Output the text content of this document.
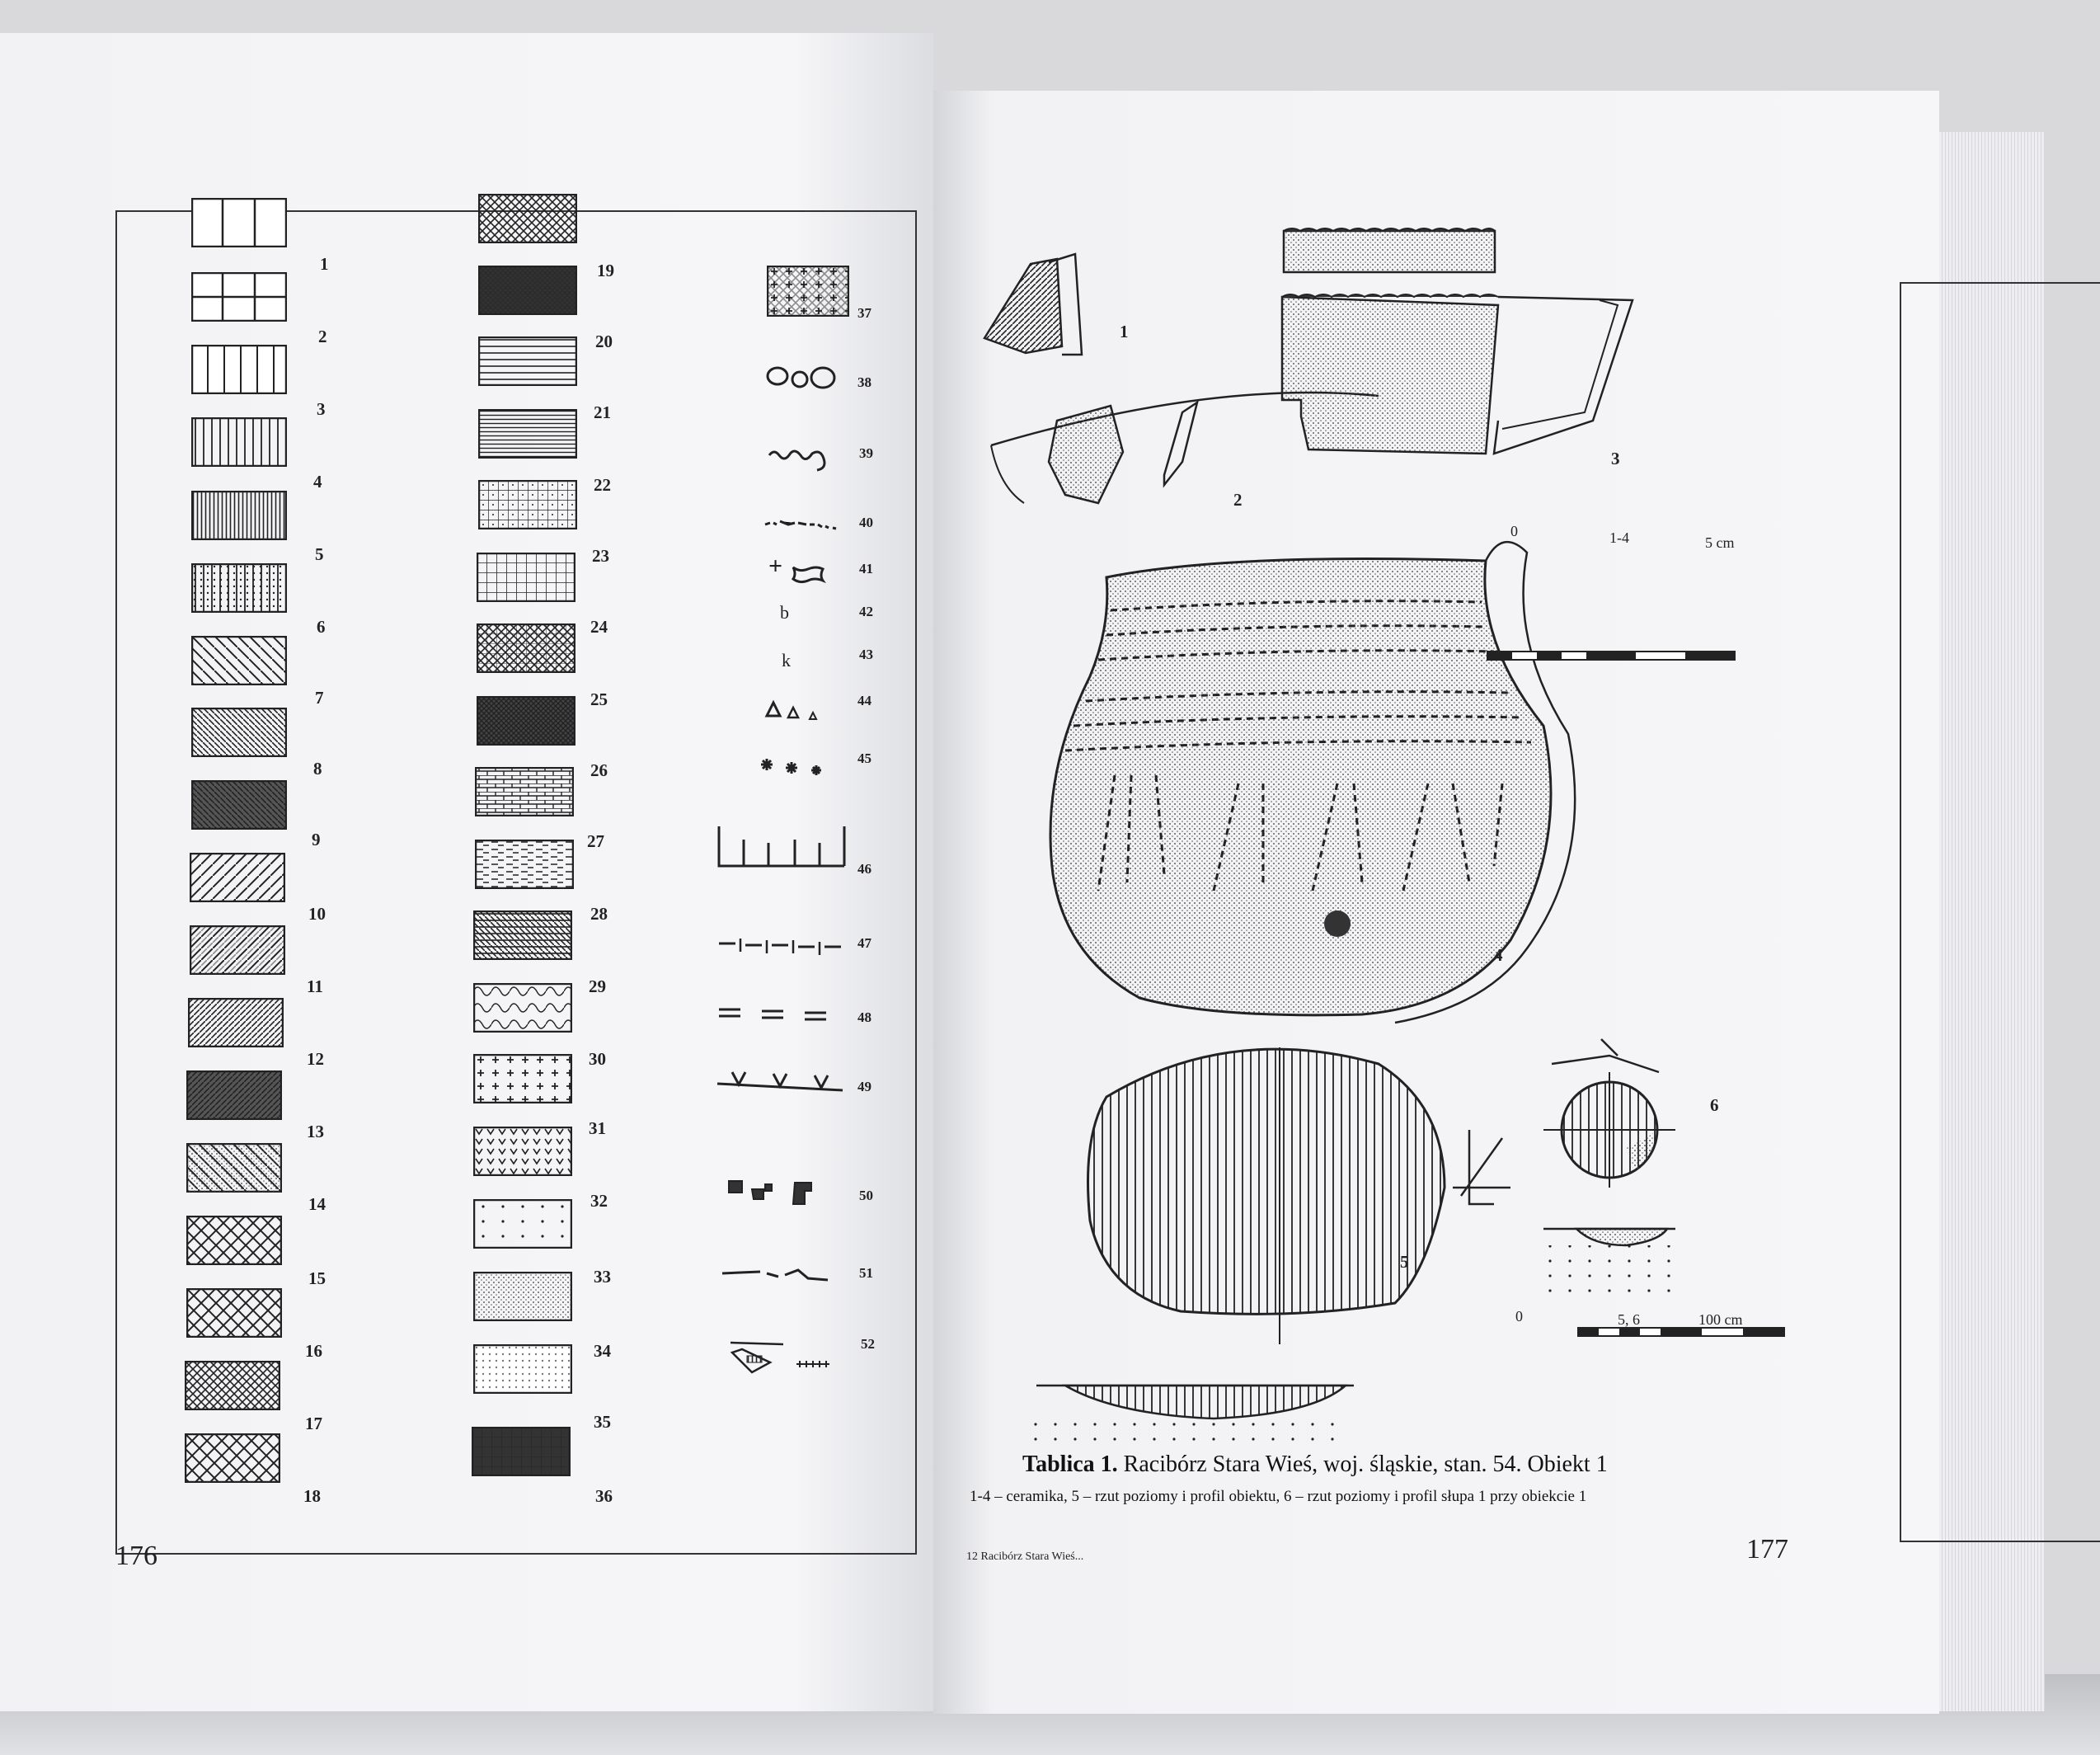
+
b
k
1
2
3
4
5
6
7
8
9
10
11
12
13
14
15
16
17
18
19
20
21
22
23
24
25
26
27
28
29
30
31
32
33
34
35
36
37
38
39
40
41
42
43
44
45
46
47
48
49
50
51
52
176
1
2
3
4
5
6
0	1-4	5 cm
0	5, 6	100 cm
Tablica 1. Racibórz Stara Wieś, woj. śląskie, stan. 54. Obiekt 1
1-4 – ceramika, 5 – rzut poziomy i profil obiektu, 6 – rzut poziomy i profil słupa 1 przy obiekcie 1
12 Racibórz Stara Wieś...	177
